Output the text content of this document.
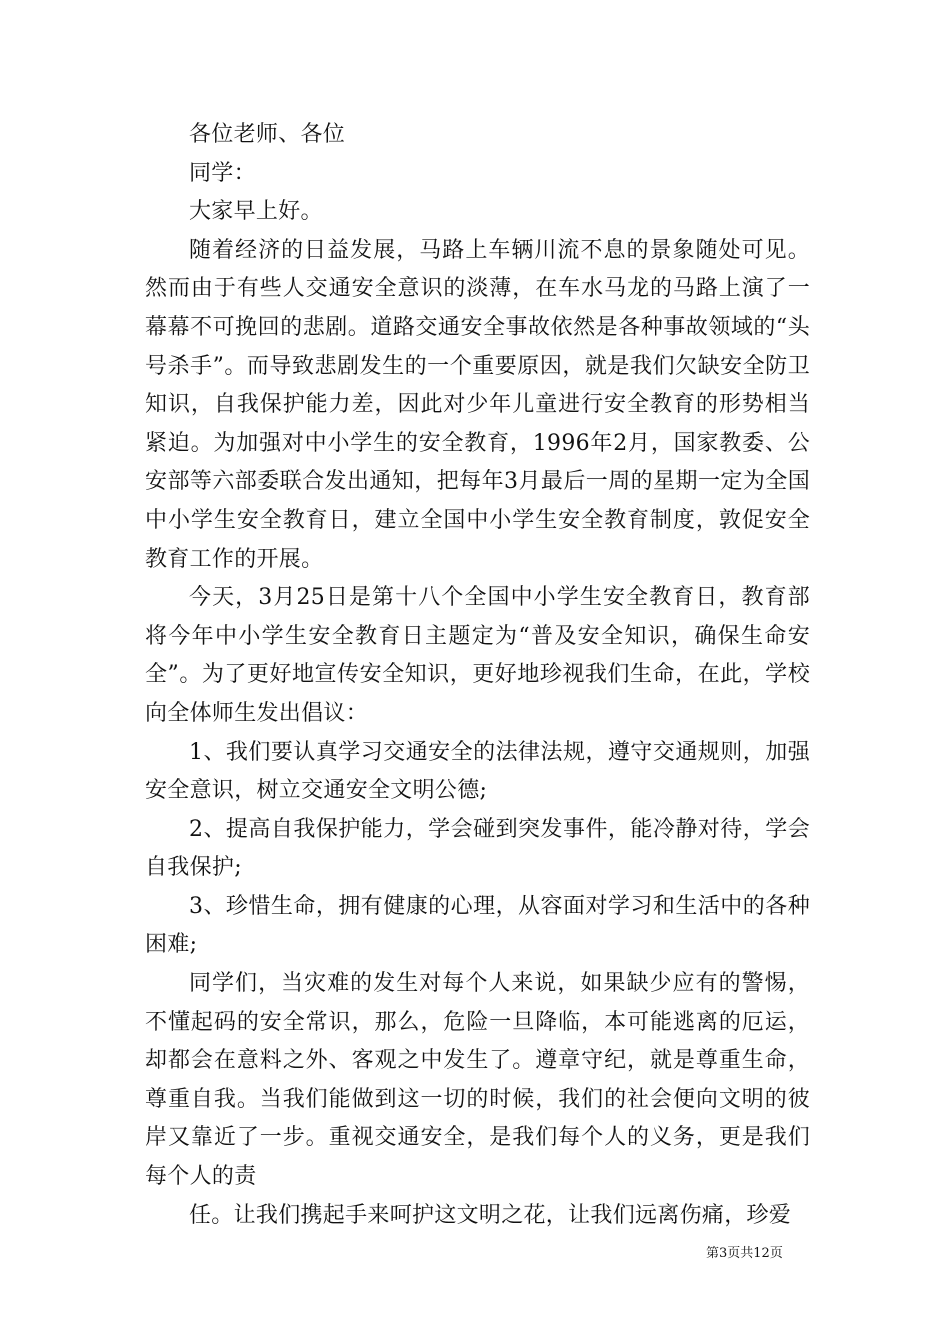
各位老师、各位

同学：

大家早上好。

随着经济的日益发展，马路上车辆川流不息的景象随处可见。然而由于有些人交通安全意识的淡薄，在车水马龙的马路上演了一幕幕不可挽回的悲剧。道路交通安全事故依然是各种事故领域的“头号杀手”。而导致悲剧发生的一个重要原因，就是我们欠缺安全防卫知识，自我保护能力差，因此对少年儿童进行安全教育的形势相当紧迫。为加强对中小学生的安全教育，1996年2月，国家教委、公安部等六部委联合发出通知，把每年3月最后一周的星期一定为全国中小学生安全教育日，建立全国中小学生安全教育制度，敦促安全教育工作的开展。

今天，3月25日是第十八个全国中小学生安全教育日，教育部将今年中小学生安全教育日主题定为“普及安全知识，确保生命安全”。为了更好地宣传安全知识，更好地珍视我们生命，在此，学校向全体师生发出倡议：

1、我们要认真学习交通安全的法律法规，遵守交通规则，加强安全意识，树立交通安全文明公德;

2、提高自我保护能力，学会碰到突发事件，能冷静对待，学会自我保护;

3、珍惜生命，拥有健康的心理，从容面对学习和生活中的各种困难;

同学们，当灾难的发生对每个人来说，如果缺少应有的警惕，不懂起码的安全常识，那么，危险一旦降临，本可能逃离的厄运，却都会在意料之外、客观之中发生了。遵章守纪，就是尊重生命，尊重自我。当我们能做到这一切的时候，我们的社会便向文明的彼岸又靠近了一步。重视交通安全，是我们每个人的义务，更是我们每个人的责

任。让我们携起手来呵护这文明之花，让我们远离伤痛，珍爱

第3页共12页
